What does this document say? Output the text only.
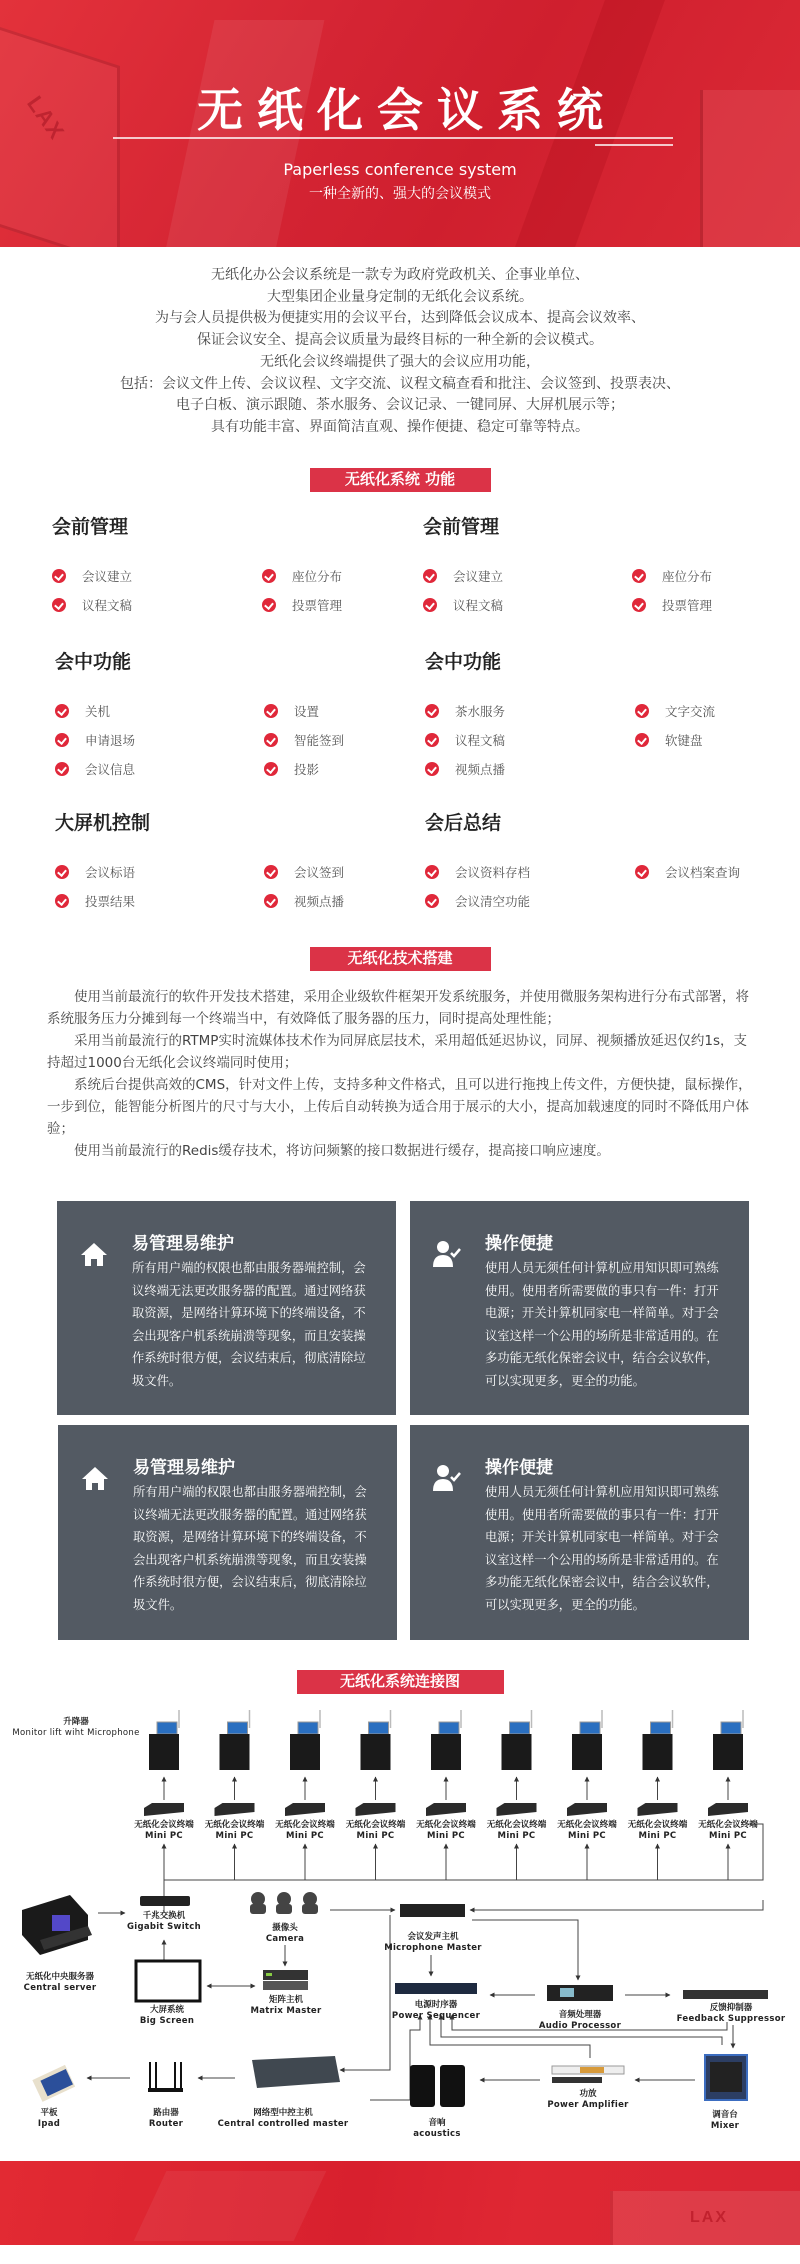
LAX	无纸化会议系统
Paperless conference system
一种全新的、强大的会议模式
无纸化办公会议系统是一款专为政府党政机关、企事业单位、
大型集团企业量身定制的无纸化会议系统。
为与会人员提供极为便捷实用的会议平台，达到降低会议成本、提高会议效率、
保证会议安全、提高会议质量为最终目标的一种全新的会议模式。
无纸化会议终端提供了强大的会议应用功能，
包括：会议文件上传、会议议程、文字交流、议程文稿查看和批注、会议签到、投票表决、
电子白板、演示跟随、茶水服务、会议记录、一键同屏、大屏机展示等；
具有功能丰富、界面简洁直观、操作便捷、稳定可靠等特点。
无纸化系统 功能
会前管理
会议建立	座位分布
议程文稿	投票管理
会前管理
会议建立	座位分布
议程文稿	投票管理
会中功能
关机	设置
申请退场	智能签到
会议信息	投影
会中功能
茶水服务	文字交流
议程文稿	软键盘
视频点播
大屏机控制
会议标语	会议签到
投票结果	视频点播
会后总结
会议资料存档	会议档案查询
会议清空功能
无纸化技术搭建

使用当前最流行的软件开发技术搭建，采用企业级软件框架开发系统服务，并使用微服务架构进行分布式部署，将系统服务压力分摊到每一个终端当中，有效降低了服务器的压力，同时提高处理性能；

采用当前最流行的RTMP实时流媒体技术作为同屏底层技术，采用超低延迟协议，同屏、视频播放延迟仅约1s，支持超过1000台无纸化会议终端同时使用；

系统后台提供高效的CMS，针对文件上传，支持多种文件格式，且可以进行拖拽上传文件，方便快捷，鼠标操作，一步到位，能智能分析图片的尺寸与大小，上传后自动转换为适合用于展示的大小，提高加载速度的同时不降低用户体验；

使用当前最流行的Redis缓存技术，将访问频繁的接口数据进行缓存，提高接口响应速度。

易管理易维护
所有用户端的权限也都由服务器端控制，会议终端无法更改服务器的配置。通过网络获取资源，是网络计算环境下的终端设备，不会出现客户机系统崩溃等现象，而且安装操作系统时很方便，会议结束后，彻底清除垃圾文件。
操作便捷
使用人员无须任何计算机应用知识即可熟练使用。使用者所需要做的事只有一件：打开电源；开关计算机同家电一样简单。对于会议室这样一个公用的场所是非常适用的。在多功能无纸化保密会议中，结合会议软件，可以实现更多，更全的功能。
易管理易维护
所有用户端的权限也都由服务器端控制，会议终端无法更改服务器的配置。通过网络获取资源，是网络计算环境下的终端设备，不会出现客户机系统崩溃等现象，而且安装操作系统时很方便，会议结束后，彻底清除垃圾文件。
操作便捷
使用人员无须任何计算机应用知识即可熟练使用。使用者所需要做的事只有一件：打开电源；开关计算机同家电一样简单。对于会议室这样一个公用的场所是非常适用的。在多功能无纸化保密会议中，结合会议软件，可以实现更多，更全的功能。
无纸化系统连接图
升降器
Monitor lift wiht Microphone
无纸化会议终端
Mini PC
无纸化会议终端
Mini PC
无纸化会议终端
Mini PC
无纸化会议终端
Mini PC
无纸化会议终端
Mini PC
无纸化会议终端
Mini PC
无纸化会议终端
Mini PC
无纸化会议终端
Mini PC
无纸化会议终端
Mini PC
无纸化中央服务器
Central server
千兆交换机
Gigabit Switch	摄像头
Camera
大屏系统
Big Screen
矩阵主机
Matrix Master
会议发声主机
Microphone Master
电源时序器
Power Sequencer	音频处理器
Audio Processor
反馈抑制器
Feedback Suppressor
平板
Ipad
路由器
Router
网络型中控主机
Central controlled master	音响
acoustics
功放
Power Amplifier
调音台
Mixer
LAX
